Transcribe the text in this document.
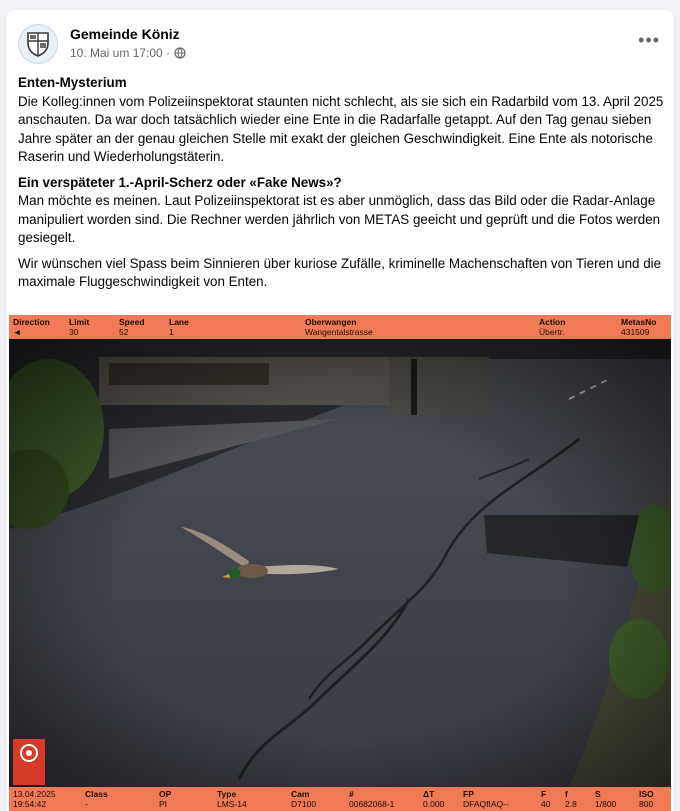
Gemeinde Köniz
10. Mai um 17:00 ·
•••

Enten-Mysterium
Die Kolleg:innen vom Polizeiinspektorat staunten nicht schlecht, als sie sich ein Radarbild vom 13. April 2025 anschauten. Da war doch tatsächlich wieder eine Ente in die Radarfalle getappt. Auf den Tag genau sieben Jahre später an der genau gleichen Stelle mit exakt der gleichen Geschwindigkeit. Eine Ente als notorische Raserin und Wiederholungstäterin.

Ein verspäteter 1.-April-Scherz oder «Fake News»?
Man möchte es meinen. Laut Polizeiinspektorat ist es aber unmöglich, dass das Bild oder die Radar-Anlage manipuliert worden sind. Die Rechner werden jährlich von METAS geeicht und geprüft und die Fotos werden gesiegelt.

Wir wünschen viel Spass beim Sinnieren über kuriose Zufälle, kriminelle Machenschaften von Tieren und die maximale Fluggeschwindigkeit von Enten.

Direction
◄
Limit
30
Speed
52
Lane
1
Oberwangen
Wangentalstrasse
Action
Übertr.
MetasNo
431509
13.04.2025
19:54:42
Class
-
OP
PI
Type
LMS-14
Cam
D7100
#
00682068-1
ΔT
0.000
FP
DFAQfIAQ--
F
40
f
2.8
S
1/800
ISO
800
